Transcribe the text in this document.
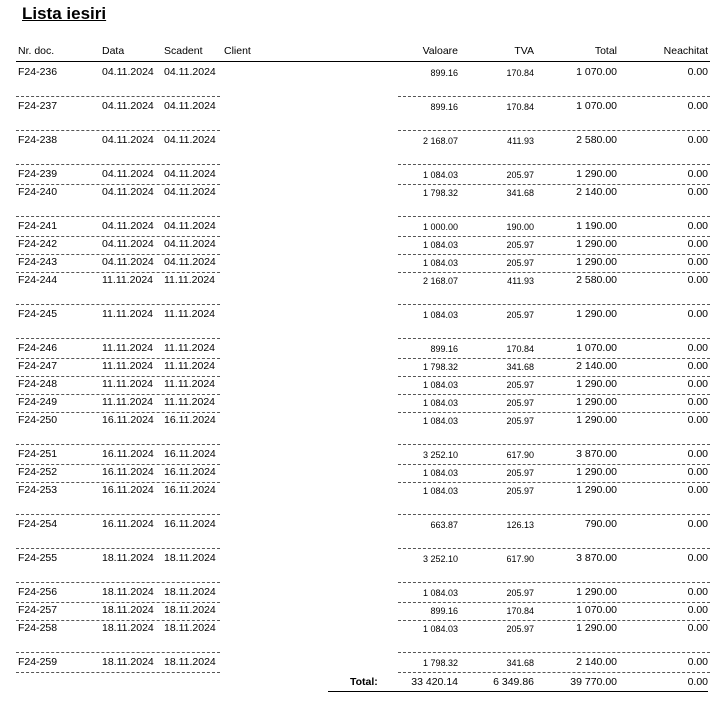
Lista iesiri
Nr. doc.	Data	Scadent Client	Valoare	TVA	Total	Neachitat
F24-236	04.11.2024 04.11.2024	899.16	170.84	1 070.00	0.00
F24-237	04.11.2024 04.11.2024	899.16	170.84	1 070.00	0.00
F24-238	04.11.2024 04.11.2024	2 168.07	411.93	2 580.00	0.00
F24-239	04.11.2024 04.11.2024	1 084.03	205.97	1 290.00	0.00
F24-240	04.11.2024 04.11.2024	1 798.32	341.68	2 140.00	0.00
F24-241	04.11.2024 04.11.2024	1 000.00	190.00	1 190.00	0.00
F24-242	04.11.2024 04.11.2024	1 084.03	205.97	1 290.00	0.00
F24-243	04.11.2024 04.11.2024	1 084.03	205.97	1 290.00	0.00
F24-244	11.11.2024 11.11.2024	2 168.07	411.93	2 580.00	0.00
F24-245	11.11.2024 11.11.2024	1 084.03	205.97	1 290.00	0.00
F24-246	11.11.2024 11.11.2024	899.16	170.84	1 070.00	0.00
F24-247	11.11.2024 11.11.2024	1 798.32	341.68	2 140.00	0.00
F24-248	11.11.2024 11.11.2024	1 084.03	205.97	1 290.00	0.00
F24-249	11.11.2024 11.11.2024	1 084.03	205.97	1 290.00	0.00
F24-250	16.11.2024 16.11.2024	1 084.03	205.97	1 290.00	0.00
F24-251	16.11.2024 16.11.2024	3 252.10	617.90	3 870.00	0.00
F24-252	16.11.2024 16.11.2024	1 084.03	205.97	1 290.00	0.00
F24-253	16.11.2024 16.11.2024	1 084.03	205.97	1 290.00	0.00
F24-254	16.11.2024 16.11.2024	663.87	126.13	790.00	0.00
F24-255	18.11.2024 18.11.2024	3 252.10	617.90	3 870.00	0.00
F24-256	18.11.2024 18.11.2024	1 084.03	205.97	1 290.00	0.00
F24-257	18.11.2024 18.11.2024	899.16	170.84	1 070.00	0.00
F24-258	18.11.2024 18.11.2024	1 084.03	205.97	1 290.00	0.00
F24-259	18.11.2024 18.11.2024	1 798.32	341.68	2 140.00	0.00
Total:	33 420.14	6 349.86	39 770.00	0.00
